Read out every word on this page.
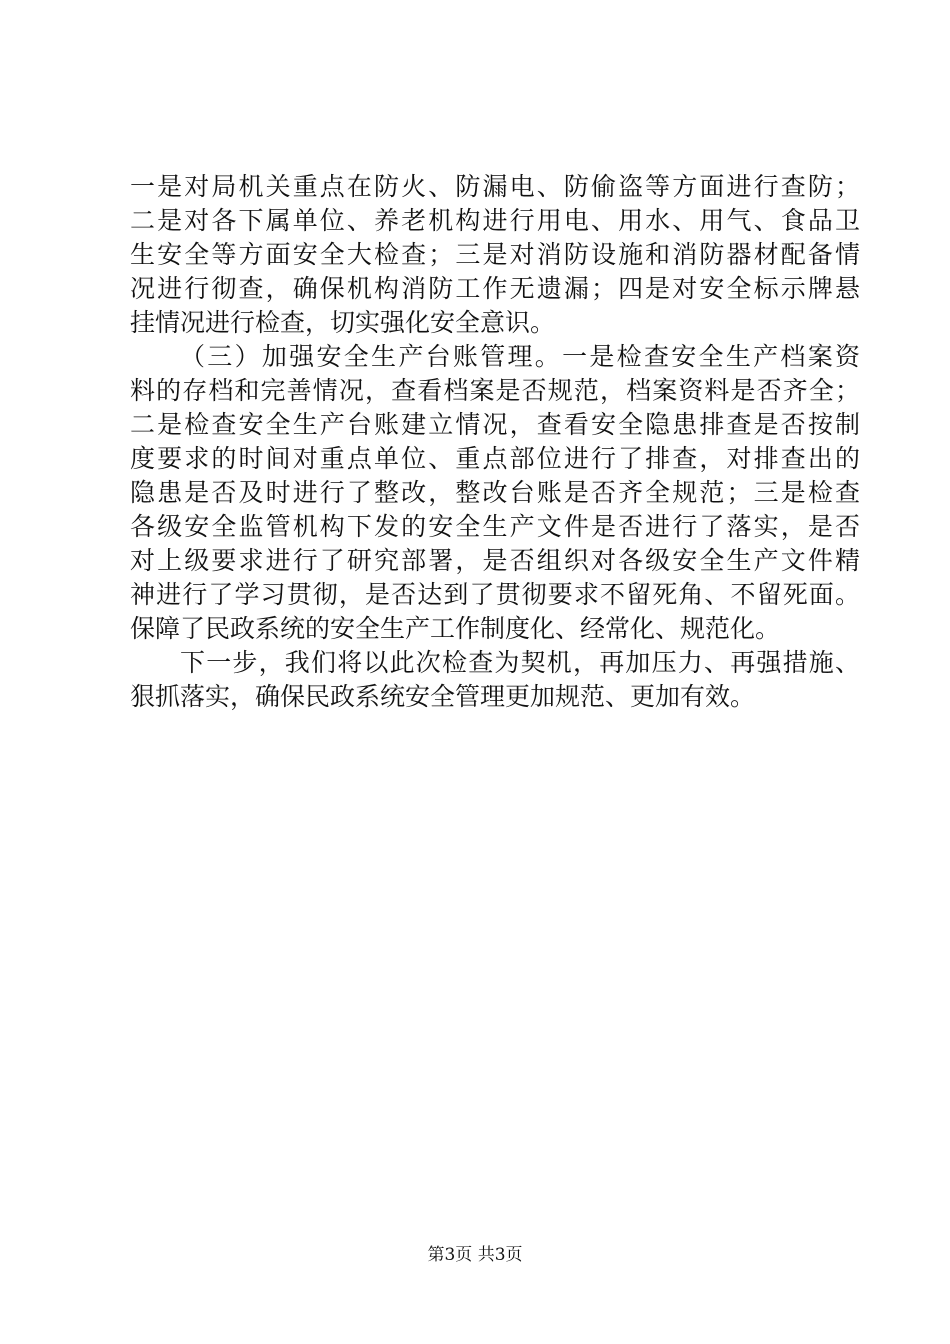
一是对局机关重点在防火、防漏电、防偷盗等方面进行查防；
二是对各下属单位、养老机构进行用电、用水、用气、食品卫
生安全等方面安全大检查；三是对消防设施和消防器材配备情
况进行彻查，确保机构消防工作无遗漏；四是对安全标示牌悬
挂情况进行检查，切实强化安全意识。
（三）加强安全生产台账管理。一是检查安全生产档案资
料的存档和完善情况，查看档案是否规范，档案资料是否齐全；
二是检查安全生产台账建立情况，查看安全隐患排查是否按制
度要求的时间对重点单位、重点部位进行了排查，对排查出的
隐患是否及时进行了整改，整改台账是否齐全规范；三是检查
各级安全监管机构下发的安全生产文件是否进行了落实，是否
对上级要求进行了研究部署，是否组织对各级安全生产文件精
神进行了学习贯彻，是否达到了贯彻要求不留死角、不留死面。
保障了民政系统的安全生产工作制度化、经常化、规范化。
下一步，我们将以此次检查为契机，再加压力、再强措施、
狠抓落实，确保民政系统安全管理更加规范、更加有效。
第3页 共3页
